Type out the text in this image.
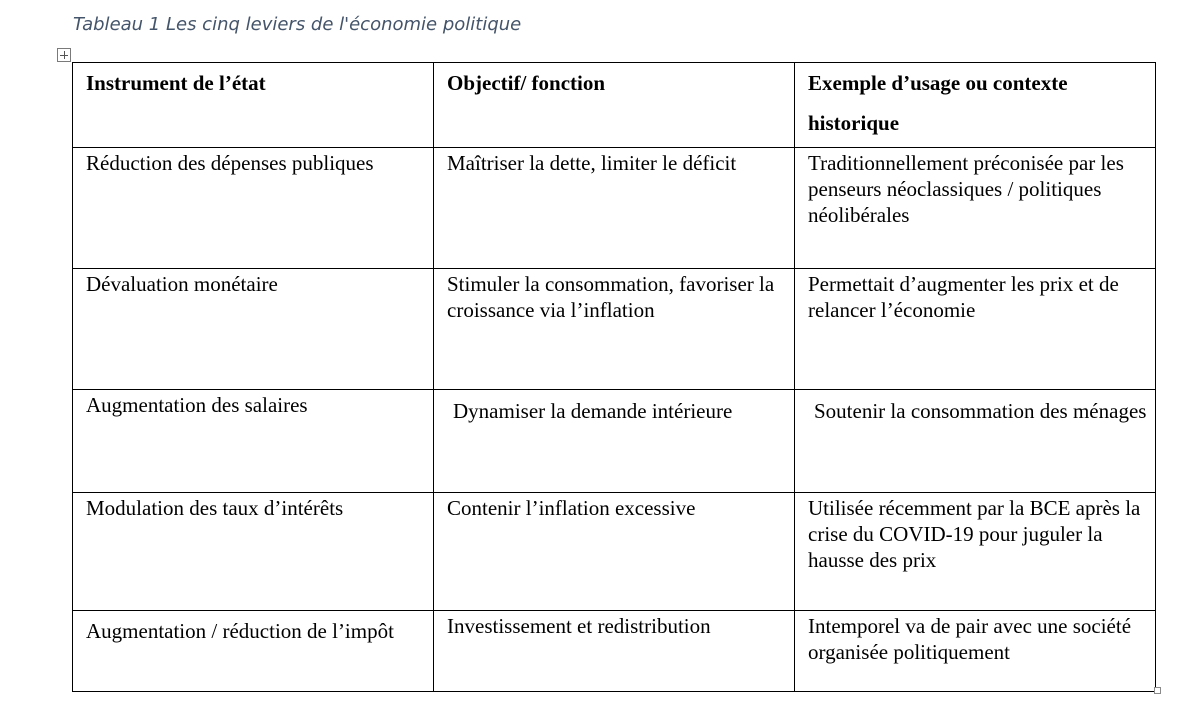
Tableau 1 Les cinq leviers de l'économie politique
Instrument de l’état	Objectif/ fonction	Exemple d’usage ou contexte historique
Réduction des dépenses publiques	Maîtriser la dette, limiter le déficit	Traditionnellement préconisée par les penseurs néoclassiques / politiques néolibérales
Dévaluation monétaire	Stimuler la consommation, favoriser la croissance via l’inflation	Permettait d’augmenter les prix et de relancer l’économie
Augmentation des salaires	Dynamiser la demande intérieure	Soutenir la consommation des ménages
Modulation des taux d’intérêts	Contenir l’inflation excessive	Utilisée récemment par la BCE après la crise du COVID-19 pour juguler la hausse des prix
Augmentation / réduction de l’impôt	Investissement et redistribution	Intemporel va de pair avec une société organisée politiquement
